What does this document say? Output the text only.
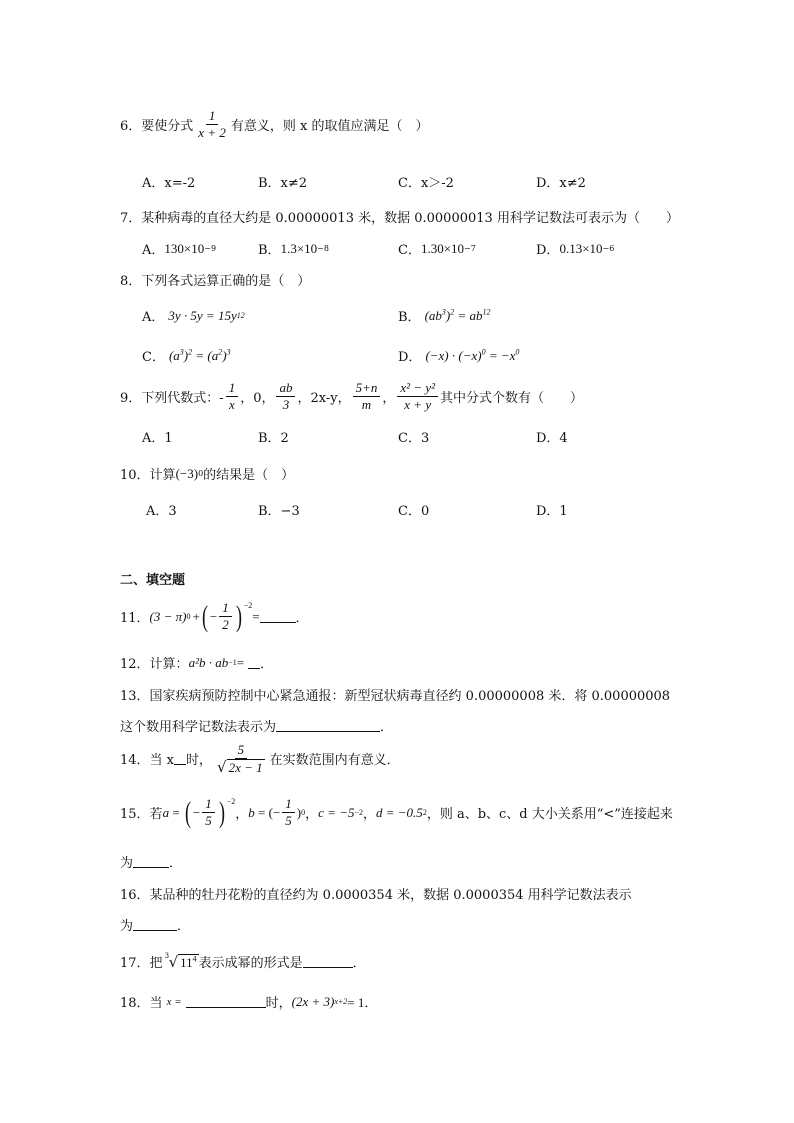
6． 要使分式 $\frac{1}{x + 2}$ 有意义，则 x 的取值应满足（　）
A．x=-2	B．x≠2	C．x＞-2	D．x≠2
7．某种病毒的直径大约是 0.00000013 米，数据 0.00000013 用科学记数法可表示为（　　）
A． 130×10 −9	B． 1.3×10 −8	C． 1.30×10 −7	D． 0.13×10 −6
8．下列各式运算正确的是（　）
A． 3y · 5y = 15y 12	B． $(ab^3)^2 = ab^{12}$
C． $(a^3)^2 = (a^2)^3$	D． $(-x) \cdot (-x)^0 = -x^0$
9． 下列代数式：- $\frac{1}{x}$ ，0， $\frac{ab}{3}$ ，2x-y， $\frac{5+n}{m}$ ， $\frac{\text{x² − y²}}{x + y}$ 其中分式个数有（　　）
A．1	B．2	C．3	D．4
10． 计算 (−3) 0 的结果是（　）
A．3	B．−3	C．0	D．1
二、填空题
11． (3 − π) 0 + ( − $\frac{1}{2}$ ) −2
=	．
12． 计算： a²b · ab −1 = ．
13．国家疾病预防控制中心紧急通报：新型冠状病毒直径约 0.00000008 米．将 0.00000008
这个数用科学记数法表示为	．
14． 当 x 时， $\frac{5}{√ 2x - 1}$ 在实数范围内有意义．
15． 若 a = ( − $\frac{1}{5}$ ) −2
， b = (− $\frac{1}{5}$ ) 0 ， c = −5 −2 ， d = −0.5 2 ，则 a、b、c、d 大小关系用“<”连接起来
为	．
16．某品种的牡丹花粉的直径约为 0.0000354 米，数据 0.0000354 用科学记数法表示
为	．
17． 把
3 √ $11^4$ 表示成幂的形式是	．
18． 当 x =	时， (2x + 3) x+2 = 1．
